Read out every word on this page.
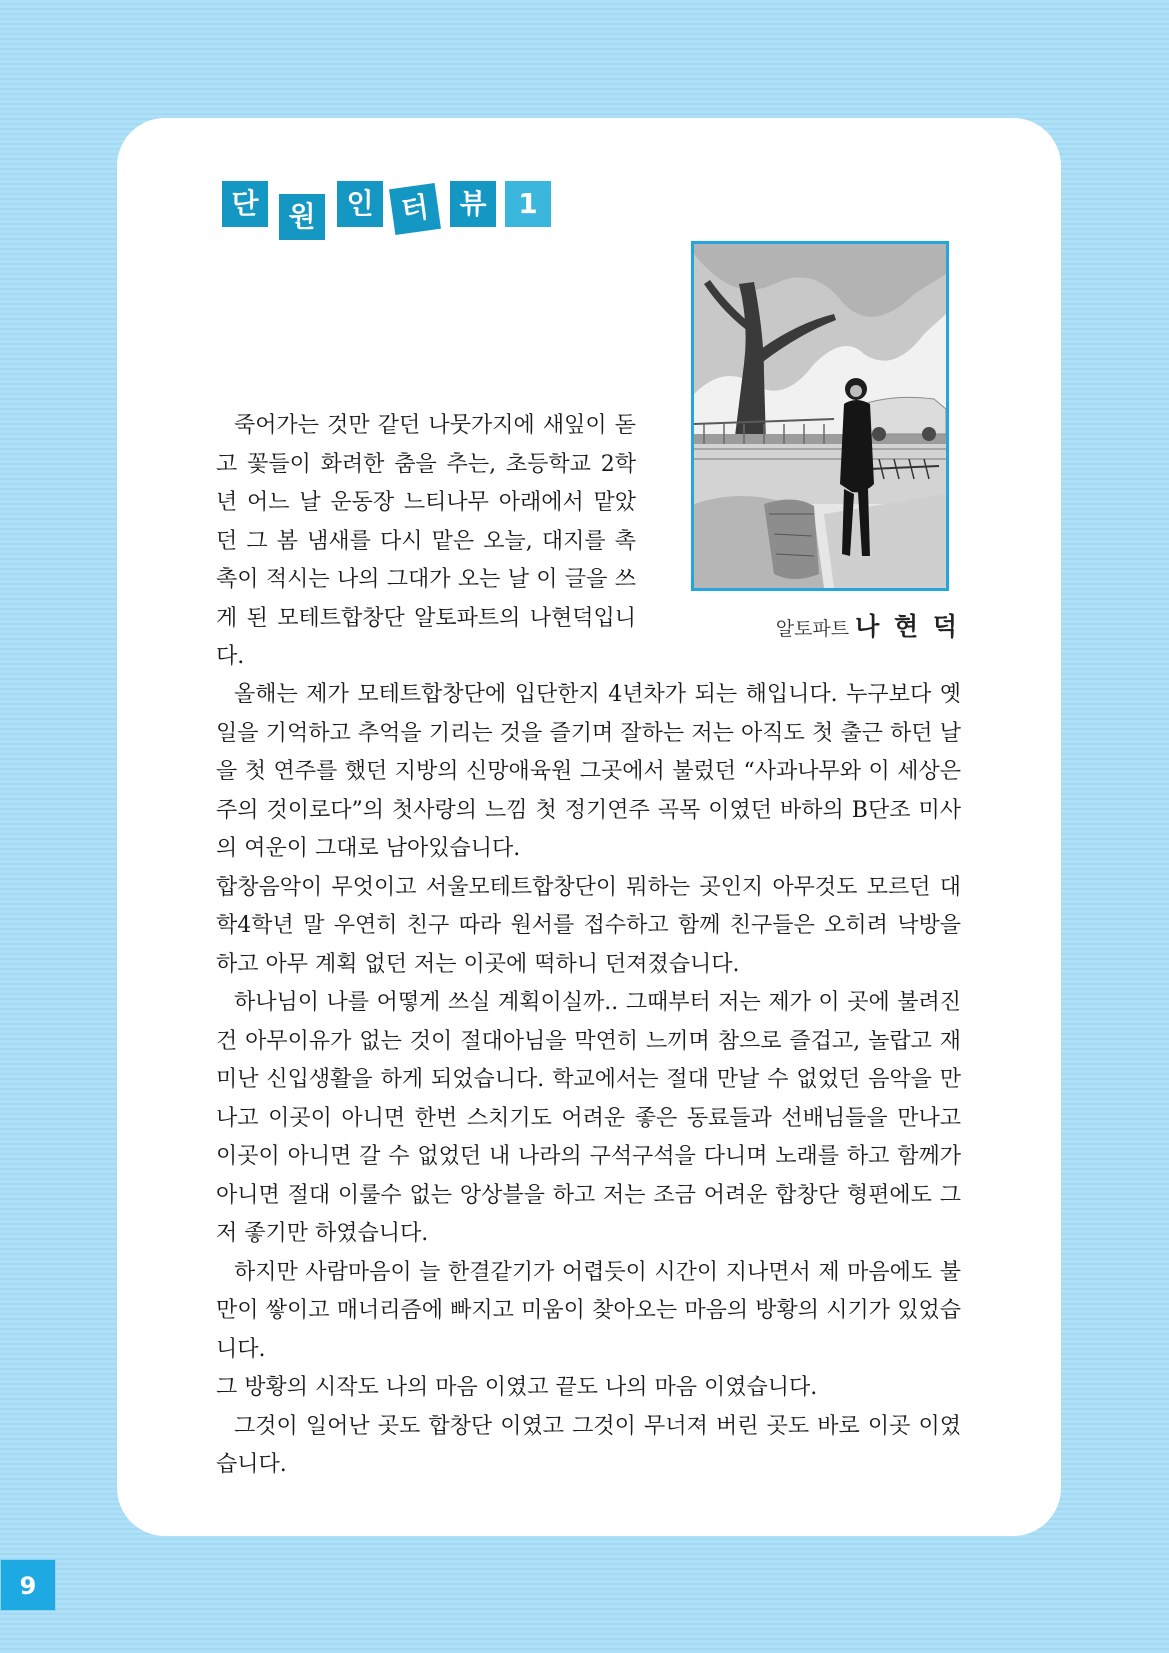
단	원	인 터	뷰	1
알토파트 나 현 덕

죽어가는 것만 같던 나뭇가지에 새잎이 돋고 꽃들이 화려한 춤을 추는, 초등학교 2학년 어느 날 운동장 느티나무 아래에서 맡았던 그 봄 냄새를 다시 맡은 오늘, 대지를 촉촉이 적시는 나의 그대가 오는 날 이 글을 쓰게 된 모테트합창단 알토파트의 나현덕입니다.

올해는 제가 모테트합창단에 입단한지 4년차가 되는 해입니다. 누구보다 옛일을 기억하고 추억을 기리는 것을 즐기며 잘하는 저는 아직도 첫 출근 하던 날을 첫 연주를 했던 지방의 신망애육원 그곳에서 불렀던 “사과나무와 이 세상은 주의 것이로다”의 첫사랑의 느낌 첫 정기연주 곡목 이였던 바하의 B단조 미사의 여운이 그대로 남아있습니다.

합창음악이 무엇이고 서울모테트합창단이 뭐하는 곳인지 아무것도 모르던 대학4학년 말 우연히 친구 따라 원서를 접수하고 함께 친구들은 오히려 낙방을 하고 아무 계획 없던 저는 이곳에 떡하니 던져졌습니다.

하나님이 나를 어떻게 쓰실 계획이실까.. 그때부터 저는 제가 이 곳에 불려진건 아무이유가 없는 것이 절대아님을 막연히 느끼며 참으로 즐겁고, 놀랍고 재미난 신입생활을 하게 되었습니다. 학교에서는 절대 만날 수 없었던 음악을 만나고 이곳이 아니면 한번 스치기도 어려운 좋은 동료들과 선배님들을 만나고 이곳이 아니면 갈 수 없었던 내 나라의 구석구석을 다니며 노래를 하고 함께가 아니면 절대 이룰수 없는 앙상블을 하고 저는 조금 어려운 합창단 형편에도 그저 좋기만 하였습니다.

하지만 사람마음이 늘 한결같기가 어렵듯이 시간이 지나면서 제 마음에도 불만이 쌓이고 매너리즘에 빠지고 미움이 찾아오는 마음의 방황의 시기가 있었습니다.

그 방황의 시작도 나의 마음 이였고 끝도 나의 마음 이였습니다.

그것이 일어난 곳도 합창단 이였고 그것이 무너져 버린 곳도 바로 이곳 이였습니다.

9
